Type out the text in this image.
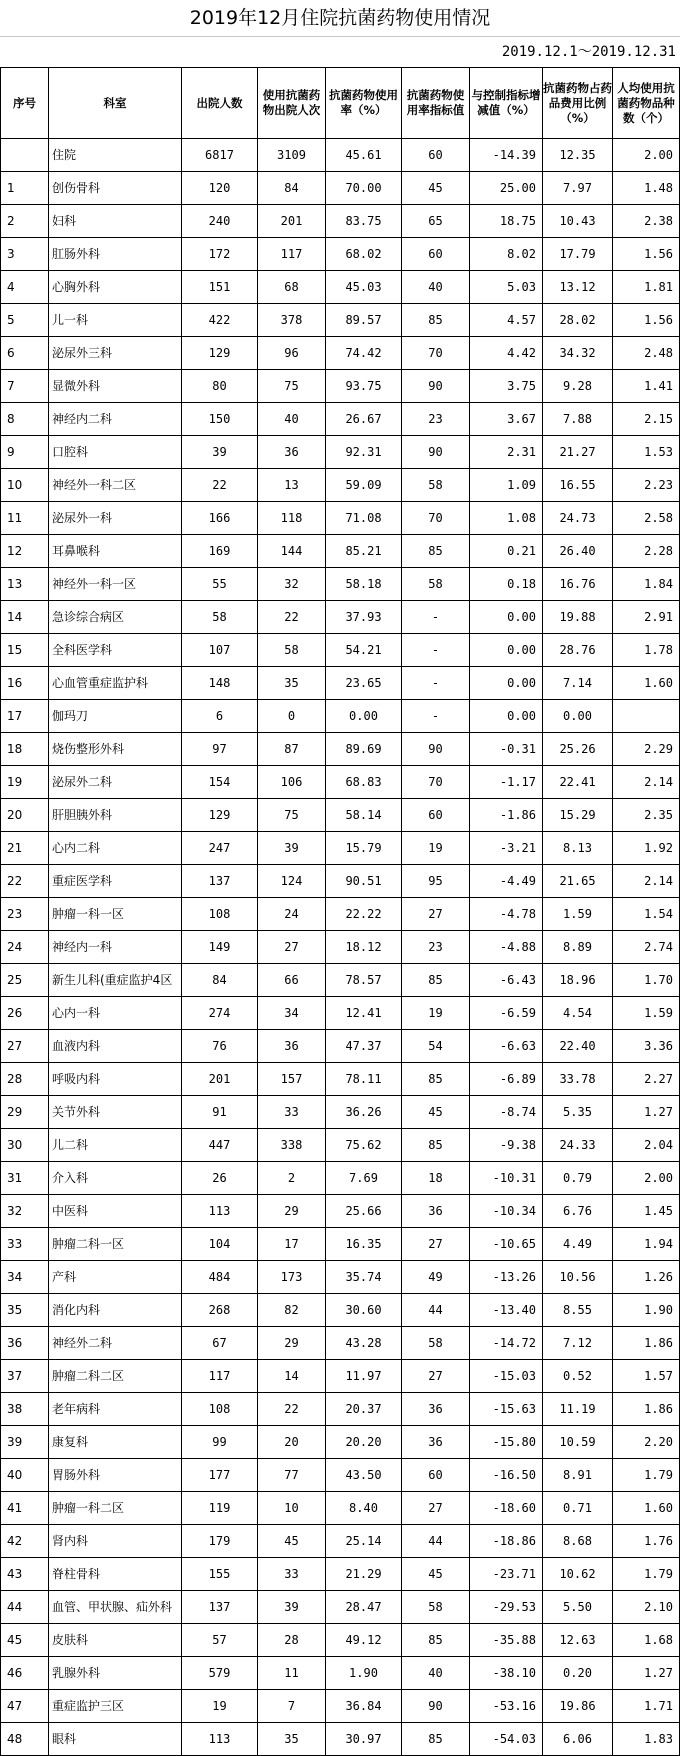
2019年12月住院抗菌药物使用情况
2019.12.1～2019.12.31
序号	科室	出院人数	使用抗菌药物出院人次	抗菌药物使用率（%）	抗菌药物使用率指标值	与控制指标增减值（%）	抗菌药物占药品费用比例（%）	人均使用抗菌药物品种数（个）
	住院	6817	3109	45.61	60	-14.39	12.35	2.00
1	创伤骨科	120	84	70.00	45	25.00	7.97	1.48
2	妇科	240	201	83.75	65	18.75	10.43	2.38
3	肛肠外科	172	117	68.02	60	8.02	17.79	1.56
4	心胸外科	151	68	45.03	40	5.03	13.12	1.81
5	儿一科	422	378	89.57	85	4.57	28.02	1.56
6	泌尿外三科	129	96	74.42	70	4.42	34.32	2.48
7	显微外科	80	75	93.75	90	3.75	9.28	1.41
8	神经内二科	150	40	26.67	23	3.67	7.88	2.15
9	口腔科	39	36	92.31	90	2.31	21.27	1.53
10	神经外一科二区	22	13	59.09	58	1.09	16.55	2.23
11	泌尿外一科	166	118	71.08	70	1.08	24.73	2.58
12	耳鼻喉科	169	144	85.21	85	0.21	26.40	2.28
13	神经外一科一区	55	32	58.18	58	0.18	16.76	1.84
14	急诊综合病区	58	22	37.93	-	0.00	19.88	2.91
15	全科医学科	107	58	54.21	-	0.00	28.76	1.78
16	心血管重症监护科	148	35	23.65	-	0.00	7.14	1.60
17	伽玛刀	6	0	0.00	-	0.00	0.00	
18	烧伤整形外科	97	87	89.69	90	-0.31	25.26	2.29
19	泌尿外二科	154	106	68.83	70	-1.17	22.41	2.14
20	肝胆胰外科	129	75	58.14	60	-1.86	15.29	2.35
21	心内二科	247	39	15.79	19	-3.21	8.13	1.92
22	重症医学科	137	124	90.51	95	-4.49	21.65	2.14
23	肿瘤一科一区	108	24	22.22	27	-4.78	1.59	1.54
24	神经内一科	149	27	18.12	23	-4.88	8.89	2.74
25	新生儿科(重症监护4区	84	66	78.57	85	-6.43	18.96	1.70
26	心内一科	274	34	12.41	19	-6.59	4.54	1.59
27	血液内科	76	36	47.37	54	-6.63	22.40	3.36
28	呼吸内科	201	157	78.11	85	-6.89	33.78	2.27
29	关节外科	91	33	36.26	45	-8.74	5.35	1.27
30	儿二科	447	338	75.62	85	-9.38	24.33	2.04
31	介入科	26	2	7.69	18	-10.31	0.79	2.00
32	中医科	113	29	25.66	36	-10.34	6.76	1.45
33	肿瘤二科一区	104	17	16.35	27	-10.65	4.49	1.94
34	产科	484	173	35.74	49	-13.26	10.56	1.26
35	消化内科	268	82	30.60	44	-13.40	8.55	1.90
36	神经外二科	67	29	43.28	58	-14.72	7.12	1.86
37	肿瘤二科二区	117	14	11.97	27	-15.03	0.52	1.57
38	老年病科	108	22	20.37	36	-15.63	11.19	1.86
39	康复科	99	20	20.20	36	-15.80	10.59	2.20
40	胃肠外科	177	77	43.50	60	-16.50	8.91	1.79
41	肿瘤一科二区	119	10	8.40	27	-18.60	0.71	1.60
42	肾内科	179	45	25.14	44	-18.86	8.68	1.76
43	脊柱骨科	155	33	21.29	45	-23.71	10.62	1.79
44	血管、甲状腺、疝外科	137	39	28.47	58	-29.53	5.50	2.10
45	皮肤科	57	28	49.12	85	-35.88	12.63	1.68
46	乳腺外科	579	11	1.90	40	-38.10	0.20	1.27
47	重症监护三区	19	7	36.84	90	-53.16	19.86	1.71
48	眼科	113	35	30.97	85	-54.03	6.06	1.83
